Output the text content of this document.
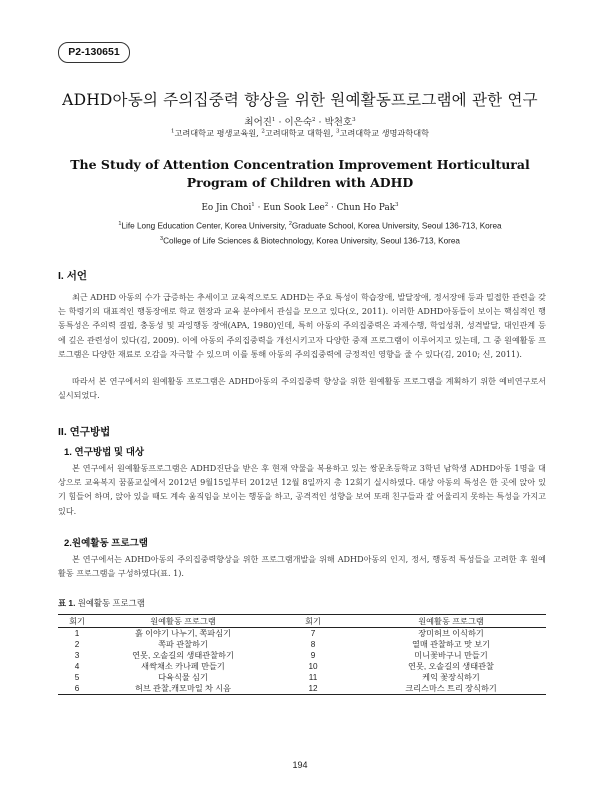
P2-130651
ADHD아동의 주의집중력 향상을 위한 원예활동프로그램에 관한 연구
최어진$^1$ · 이은숙$^2$ · 박천호$^3$
$^1$고려대학교 평생교육원, $^2$고려대학교 대학원, $^3$고려대학교 생명과학대학
The Study of Attention Concentration Improvement Horticultural Program of Children with ADHD
Eo Jin Choi$^1$ · Eun Sook Lee$^2$ · Chun Ho Pak$^3$
$^1$Life Long Education Center, Korea University, $^2$Graduate School, Korea University, Seoul 136-713, Korea
$^3$College of Life Sciences & Biotechnology, Korea University, Seoul 136-713, Korea
I. 서언
최근 ADHD 아동의 수가 급증하는 추세이고 교육적으로도 ADHD는 주요 특성이 학습장애, 발달장애, 정서장애 등과 밀접한 관련을 갖는 학령기의 대표적인 행동장애로 학교 현장과 교육 분야에서 관심을 모으고 있다(오, 2011). 이러한 ADHD아동들이 보이는 핵심적인 행동특성은 주의력 결핍, 충동성 및 과잉행동 장애(APA, 1980)인데, 특히 아동의 주의집중력은 과제수행, 학업성취, 성격발달, 대인관계 등에 깊은 관련성이 있다(김, 2009). 이에 아동의 주의집중력을 개선시키고자 다양한 중재 프로그램이 이루어지고 있는데, 그 중 원예활동 프로그램은 다양한 재료로 오감을 자극할 수 있으며 이를 통해 아동의 주의집중력에 긍정적인 영향을 줄 수 있다(김, 2010; 신, 2011).
따라서 본 연구에서의 원예활동 프로그램은 ADHD아동의 주의집중력 향상을 위한 원예활동 프로그램을 계획하기 위한 예비연구로서 실시되었다.
II. 연구방법
1. 연구방법 및 대상
본 연구에서 원예활동프로그램은 ADHD진단을 받은 후 현재 약물을 복용하고 있는 쌍문초등학교 3학년 남학생 ADHD아동 1명을 대상으로 교육복지 꿈품교실에서 2012년 9월15일부터 2012년 12월 8일까지 총 12회기 실시하였다. 대상 아동의 특성은 한 곳에 앉아 있기 힘들어 하며, 앉아 있을 때도 계속 움직임을 보이는 행동을 하고, 공격적인 성향을 보여 또래 친구들과 잘 어울리지 못하는 특성을 가지고 있다.
2.원예활동 프로그램
본 연구에서는 ADHD아동의 주의집중력향상을 위한 프로그램개발을 위해 ADHD아동의 인지, 정서, 행동적 특성들을 고려한 후 원예활동 프로그램을 구성하였다(표. 1).
표 1. 원예활동 프로그램
회기	원예활동 프로그램	회기	원예활동 프로그램
1	흙 이야기 나누기, 쪽파심기	7	장미허브 이식하기
2	쪽파 관찰하기	8	열매 관찰하고 맛 보기
3	연못, 오솔길의 생태관찰하기	9	미니꽃바구니 만들기
4	새싹채소 카나페 만들기	10	연못, 오솔길의 생태관찰
5	다육식물 심기	11	케익 꽃장식하기
6	허브 관찰,캐모마일 차 시음	12	크리스마스 트리 장식하기
194
